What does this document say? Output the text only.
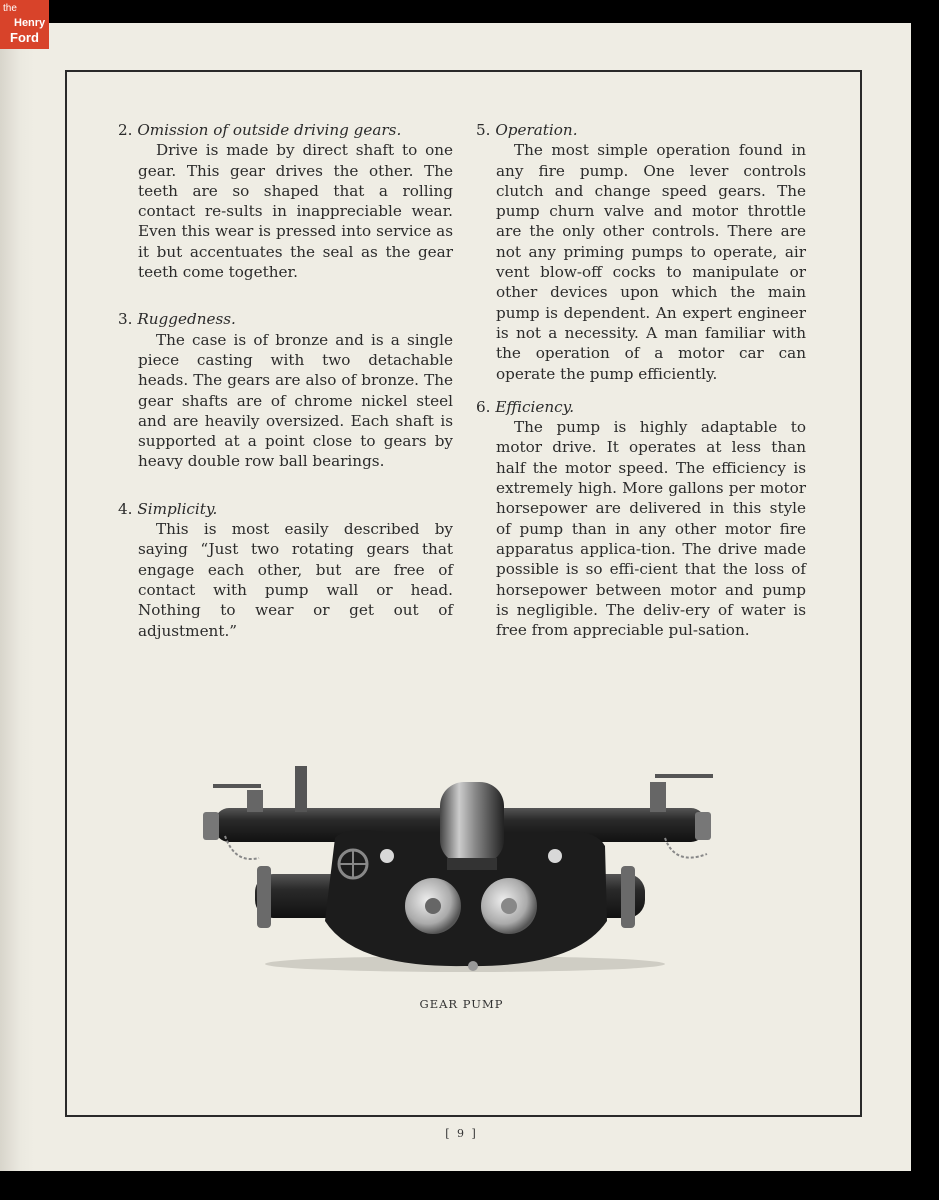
the
Henry
Ford

2. Omission of outside driving gears.

Drive is made by direct shaft to one gear. This gear drives the other. The teeth are so shaped that a rolling contact re-sults in inappreciable wear. Even this wear is pressed into service as it but accentuates the seal as the gear teeth come together.

3. Ruggedness.

The case is of bronze and is a single piece casting with two detachable heads. The gears are also of bronze. The gear shafts are of chrome nickel steel and are heavily oversized. Each shaft is supported at a point close to gears by heavy double row ball bearings.

4. Simplicity.

This is most easily described by saying “Just two rotating gears that engage each other, but are free of contact with pump wall or head. Nothing to wear or get out of adjustment.”

5. Operation.

The most simple operation found in any fire pump. One lever controls clutch and change speed gears. The pump churn valve and motor throttle are the only other controls. There are not any priming pumps to operate, air vent blow-off cocks to manipulate or other devices upon which the main pump is dependent. An expert engineer is not a necessity. A man familiar with the operation of a motor car can operate the pump efficiently.

6. Efficiency.

The pump is highly adaptable to motor drive. It operates at less than half the motor speed. The efficiency is extremely high. More gallons per motor horsepower are delivered in this style of pump than in any other motor fire apparatus applica-tion. The drive made possible is so effi-cient that the loss of horsepower between motor and pump is negligible. The deliv-ery of water is free from appreciable pul-sation.

GEAR PUMP
[ 9 ]
